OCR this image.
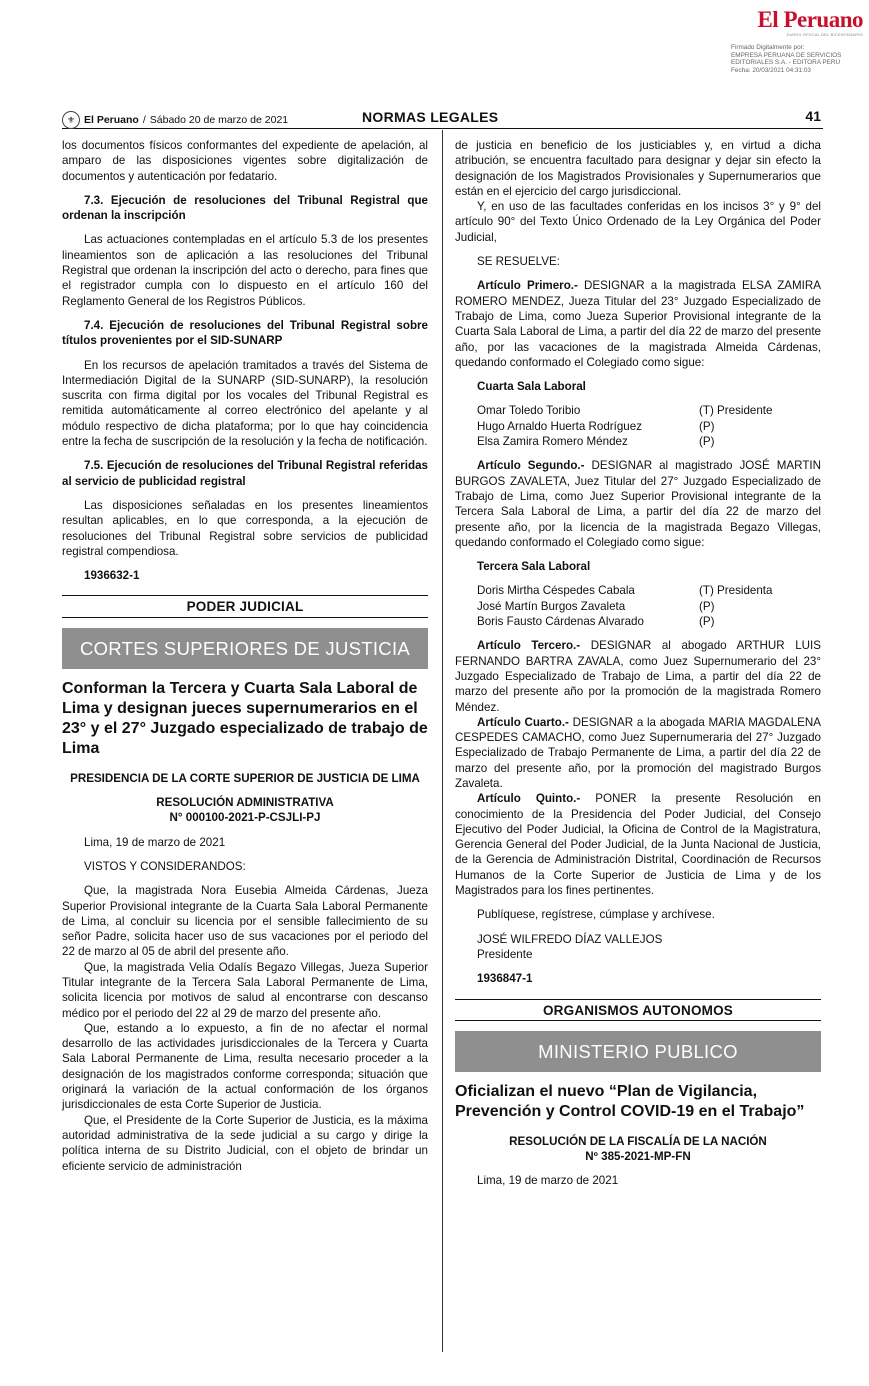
El Peruano
DIARIO OFICIAL DEL BICENTENARIO
Firmado Digitalmente por:
EMPRESA PERUANA DE SERVICIOS
EDITORIALES S.A. - EDITORA PERU
Fecha: 20/03/2021 04:31:03
⚜ El Peruano / Sábado 20 de marzo de 2021	NORMAS LEGALES	41

los documentos físicos conformantes del expediente de apelación, al amparo de las disposiciones vigentes sobre digitalización de documentos y autenticación por fedatario.

7.3. Ejecución de resoluciones del Tribunal Registral que ordenan la inscripción

Las actuaciones contempladas en el artículo 5.3 de los presentes lineamientos son de aplicación a las resoluciones del Tribunal Registral que ordenan la inscripción del acto o derecho, para fines que el registrador cumpla con lo dispuesto en el artículo 160 del Reglamento General de los Registros Públicos.

7.4. Ejecución de resoluciones del Tribunal Registral sobre títulos provenientes por el SID-SUNARP

En los recursos de apelación tramitados a través del Sistema de Intermediación Digital de la SUNARP (SID-SUNARP), la resolución suscrita con firma digital por los vocales del Tribunal Registral es remitida automáticamente al correo electrónico del apelante y al módulo respectivo de dicha plataforma; por lo que hay coincidencia entre la fecha de suscripción de la resolución y la fecha de notificación.

7.5. Ejecución de resoluciones del Tribunal Registral referidas al servicio de publicidad registral

Las disposiciones señaladas en los presentes lineamientos resultan aplicables, en lo que corresponda, a la ejecución de resoluciones del Tribunal Registral sobre servicios de publicidad registral compendiosa.

1936632-1

PODER JUDICIAL
CORTES SUPERIORES DE JUSTICIA
Conforman la Tercera y Cuarta Sala Laboral de Lima y designan jueces supernumerarios en el 23° y el 27° Juzgado especializado de trabajo de Lima

PRESIDENCIA DE LA CORTE SUPERIOR DE JUSTICIA DE LIMA

RESOLUCIÓN ADMINISTRATIVA

N° 000100-2021-P-CSJLI-PJ

Lima, 19 de marzo de 2021

VISTOS Y CONSIDERANDOS:

Que, la magistrada Nora Eusebia Almeida Cárdenas, Jueza Superior Provisional integrante de la Cuarta Sala Laboral Permanente de Lima, al concluir su licencia por el sensible fallecimiento de su señor Padre, solicita hacer uso de sus vacaciones por el periodo del 22 de marzo al 05 de abril del presente año.

Que, la magistrada Velia Odalís Begazo Villegas, Jueza Superior Titular integrante de la Tercera Sala Laboral Permanente de Lima, solicita licencia por motivos de salud al encontrarse con descanso médico por el periodo del 22 al 29 de marzo del presente año.

Que, estando a lo expuesto, a fin de no afectar el normal desarrollo de las actividades jurisdiccionales de la Tercera y Cuarta Sala Laboral Permanente de Lima, resulta necesario proceder a la designación de los magistrados conforme corresponda; situación que originará la variación de la actual conformación de los órganos jurisdiccionales de esta Corte Superior de Justicia.

Que, el Presidente de la Corte Superior de Justicia, es la máxima autoridad administrativa de la sede judicial a su cargo y dirige la política interna de su Distrito Judicial, con el objeto de brindar un eficiente servicio de administración

de justicia en beneficio de los justiciables y, en virtud a dicha atribución, se encuentra facultado para designar y dejar sin efecto la designación de los Magistrados Provisionales y Supernumerarios que están en el ejercicio del cargo jurisdiccional.

Y, en uso de las facultades conferidas en los incisos 3° y 9° del artículo 90° del Texto Único Ordenado de la Ley Orgánica del Poder Judicial,

SE RESUELVE:

Artículo Primero.- DESIGNAR a la magistrada ELSA ZAMIRA ROMERO MENDEZ, Jueza Titular del 23° Juzgado Especializado de Trabajo de Lima, como Jueza Superior Provisional integrante de la Cuarta Sala Laboral de Lima, a partir del día 22 de marzo del presente año, por las vacaciones de la magistrada Almeida Cárdenas, quedando conformado el Colegiado como sigue:

Cuarta Sala Laboral

Omar Toledo Toribio	(T) Presidente
Hugo Arnaldo Huerta Rodríguez	(P)
Elsa Zamira Romero Méndez	(P)

Artículo Segundo.- DESIGNAR al magistrado JOSÉ MARTIN BURGOS ZAVALETA, Juez Titular del 27° Juzgado Especializado de Trabajo de Lima, como Juez Superior Provisional integrante de la Tercera Sala Laboral de Lima, a partir del día 22 de marzo del presente año, por la licencia de la magistrada Begazo Villegas, quedando conformado el Colegiado como sigue:

Tercera Sala Laboral

Doris Mirtha Céspedes Cabala	(T) Presidenta
José Martín Burgos Zavaleta	(P)
Boris Fausto Cárdenas Alvarado	(P)

Artículo Tercero.- DESIGNAR al abogado ARTHUR LUIS FERNANDO BARTRA ZAVALA, como Juez Supernumerario del 23° Juzgado Especializado de Trabajo de Lima, a partir del día 22 de marzo del presente año por la promoción de la magistrada Romero Méndez.

Artículo Cuarto.- DESIGNAR a la abogada MARIA MAGDALENA CESPEDES CAMACHO, como Juez Supernumeraria del 27° Juzgado Especializado de Trabajo Permanente de Lima, a partir del día 22 de marzo del presente año, por la promoción del magistrado Burgos Zavaleta.

Artículo Quinto.- PONER la presente Resolución en conocimiento de la Presidencia del Poder Judicial, del Consejo Ejecutivo del Poder Judicial, la Oficina de Control de la Magistratura, Gerencia General del Poder Judicial, de la Junta Nacional de Justicia, de la Gerencia de Administración Distrital, Coordinación de Recursos Humanos de la Corte Superior de Justicia de Lima y de los Magistrados para los fines pertinentes.

Publíquese, regístrese, cúmplase y archívese.

JOSÉ WILFREDO DÍAZ VALLEJOS

Presidente

1936847-1

ORGANISMOS AUTONOMOS
MINISTERIO PUBLICO
Oficializan el nuevo “Plan de Vigilancia, Prevención y Control COVID-19 en el Trabajo”

RESOLUCIÓN DE LA FISCALÍA DE LA NACIÓN

Nº 385-2021-MP-FN

Lima, 19 de marzo de 2021
